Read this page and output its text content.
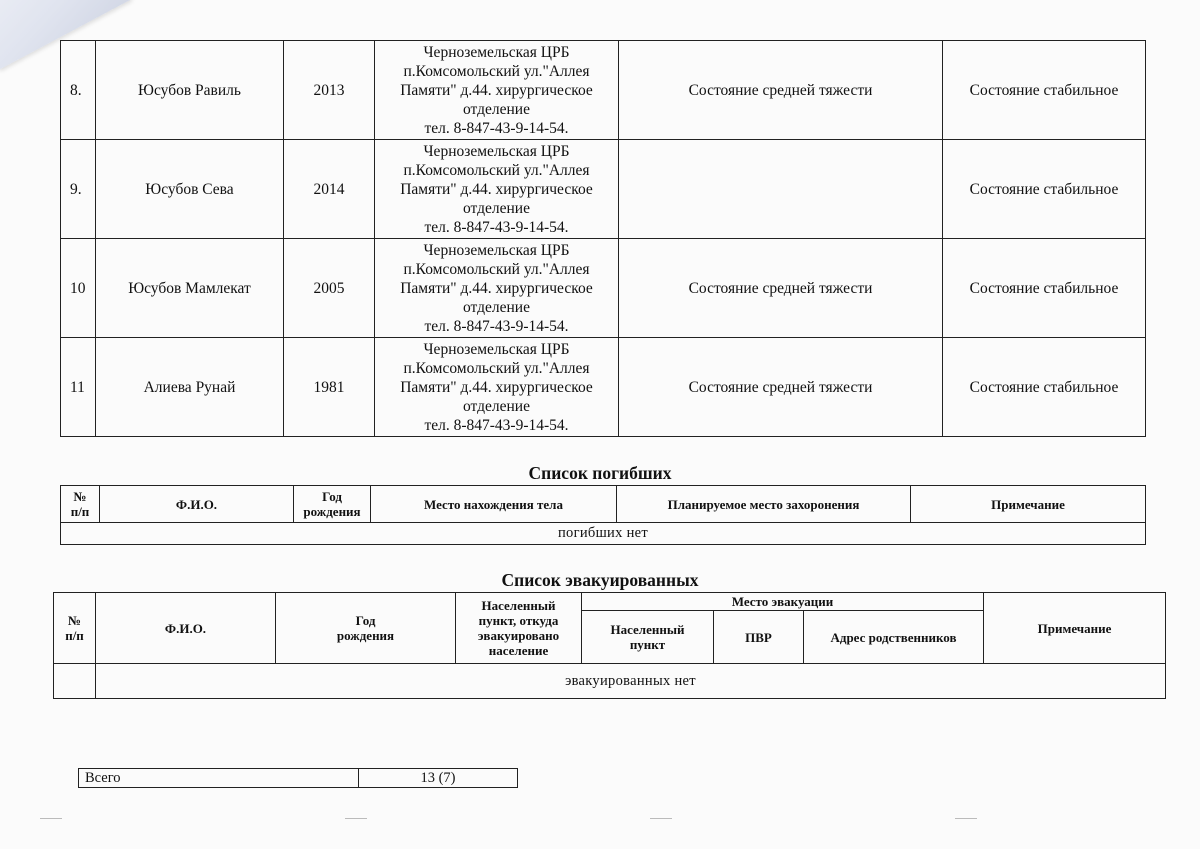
8.	Юсубов Равиль	2013	Черноземельская ЦРБ
п.Комсомольский ул."Аллея
Памяти" д.44. хирургическое
отделение
тел. 8-847-43-9-14-54.	Состояние средней тяжести	Состояние стабильное
9.	Юсубов Сева	2014	Черноземельская ЦРБ
п.Комсомольский ул."Аллея
Памяти" д.44. хирургическое
отделение
тел. 8-847-43-9-14-54.		Состояние стабильное
10	Юсубов Мамлекат	2005	Черноземельская ЦРБ
п.Комсомольский ул."Аллея
Памяти" д.44. хирургическое
отделение
тел. 8-847-43-9-14-54.	Состояние средней тяжести	Состояние стабильное
11	Алиева Рунай	1981	Черноземельская ЦРБ
п.Комсомольский ул."Аллея
Памяти" д.44. хирургическое
отделение
тел. 8-847-43-9-14-54.	Состояние средней тяжести	Состояние стабильное
Список погибших
№
п/п	Ф.И.О.	Год
рождения	Место нахождения тела	Планируемое место захоронения	Примечание
погибших нет
Список эвакуированных
№
п/п	Ф.И.О.	Год
рождения	Населенный
пункт, откуда
эвакуировано
население	Место эвакуации			Примечание
				Населенный
пункт	ПВР	Адрес родственников	
	эвакуированных нет						
Всего	13 (7)
